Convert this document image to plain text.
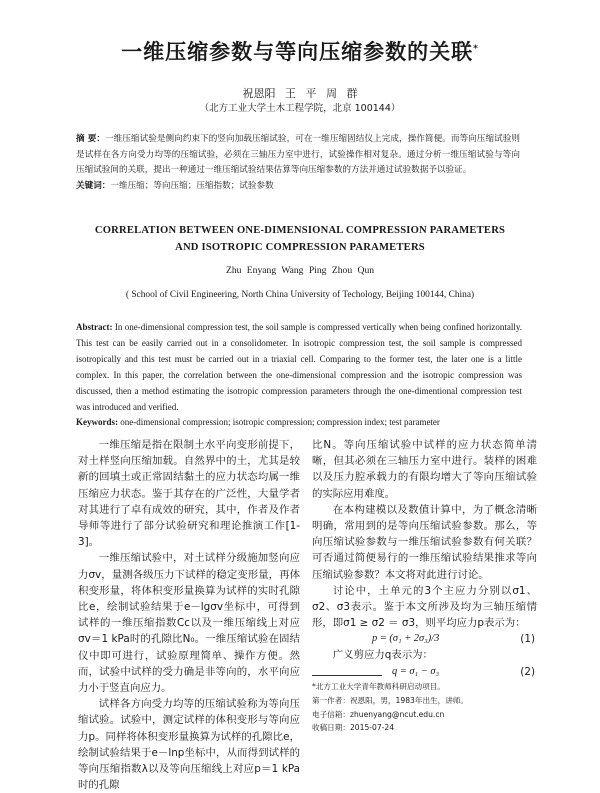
一维压缩参数与等向压缩参数的关联*
祝恩阳 王 平 周 群
（北方工业大学土木工程学院，北京 100144）
摘 要：一维压缩试验是侧向约束下的竖向加载压缩试验，可在一维压缩固结仪上完成，操作简便。而等向压缩试验则是试样在各方向受力均等的压缩试验，必须在三轴压力室中进行，试验操作相对复杂。通过分析一维压缩试验与等向压缩试验间的关联，提出一种通过一维压缩试验结果估算等向压缩参数的方法并通过试验数据予以验证。
关键词：一维压缩；等向压缩；压缩指数；试验参数
CORRELATION BETWEEN ONE-DIMENSIONAL COMPRESSION PARAMETERS
AND ISOTROPIC COMPRESSION PARAMETERS
Zhu Enyang Wang Ping Zhou Qun
( School of Civil Engineering, North China University of Techology, Beijing 100144, China)
Abstract: In one-dimensional compression test, the soil sample is compressed vertically when being confined horizontally. This test can be easily carried out in a consolidometer. In isotropic compression test, the soil sample is compressed isotropically and this test must be carried out in a triaxial cell. Comparing to the former test, the later one is a little complex. In this paper, the correlation between the one-dimensional compression and the isotropic compression was discussed, then a method estimating the isotropic compression parameters through the one-dimentional compression test was introduced and verified.
Keywords: one-dimensional compression; isotropic compression; compression index; test parameter

一维压缩是指在限制土水平向变形前提下，对土样竖向压缩加载。自然界中的土，尤其是较新的回填土或正常固结黏土的应力状态均属一维压缩应力状态。鉴于其存在的广泛性，大量学者对其进行了卓有成效的研究，其中，作者及作者导师等进行了部分试验研究和理论推演工作[1-3]。

一维压缩试验中，对土试样分级施加竖向应力σv，量测各级压力下试样的稳定变形量，再体积变形量，将体积变形量换算为试样的实时孔隙比e，绘制试验结果于e－lgσv坐标中，可得到试样的一维压缩指数Cc以及一维压缩线上对应σv＝1 kPa时的孔隙比N₀。一维压缩试验在固结仪中即可进行，试验原理简单、操作方便。然而，试验中试样的受力确是非等向的，水平向应力小于竖直向应力。

试样各方向受力均等的压缩试验称为等向压缩试验。试验中，测定试样的体积变形与等向应力p。同样将体积变形量换算为试样的孔隙比e，绘制试验结果于e－lnp坐标中，从而得到试样的等向压缩指数λ以及等向压缩线上对应p＝1 kPa时的孔隙

比N。等向压缩试验中试样的应力状态简单清晰，但其必须在三轴压力室中进行。装样的困难以及压力腔承载力的有限均增大了等向压缩试验的实际应用难度。

在本构建模以及数值计算中，为了概念清晰明确，常用到的是等向压缩试验参数。那么，等向压缩试验参数与一维压缩试验参数有何关联？可否通过简便易行的一维压缩试验结果推求等向压缩试验参数？本文将对此进行讨论。

讨论中，土单元的3个主应力分别以σ1、σ2、σ3表示。鉴于本文所涉及均为三轴压缩情形，即σ1 ≥ σ2 ＝ σ3，则平均应力p表示为：

p = (σ₁ + 2σ₃)/3	(1)

广义剪应力q表示为：

q = σ₁ − σ₃	(2)
*北方工业大学青年教师科研启动项目。
第一作者：祝恩阳，男，1983年出生，讲师。
电子信箱：zhuenyang@ncut.edu.cn
收稿日期：2015-07-24
